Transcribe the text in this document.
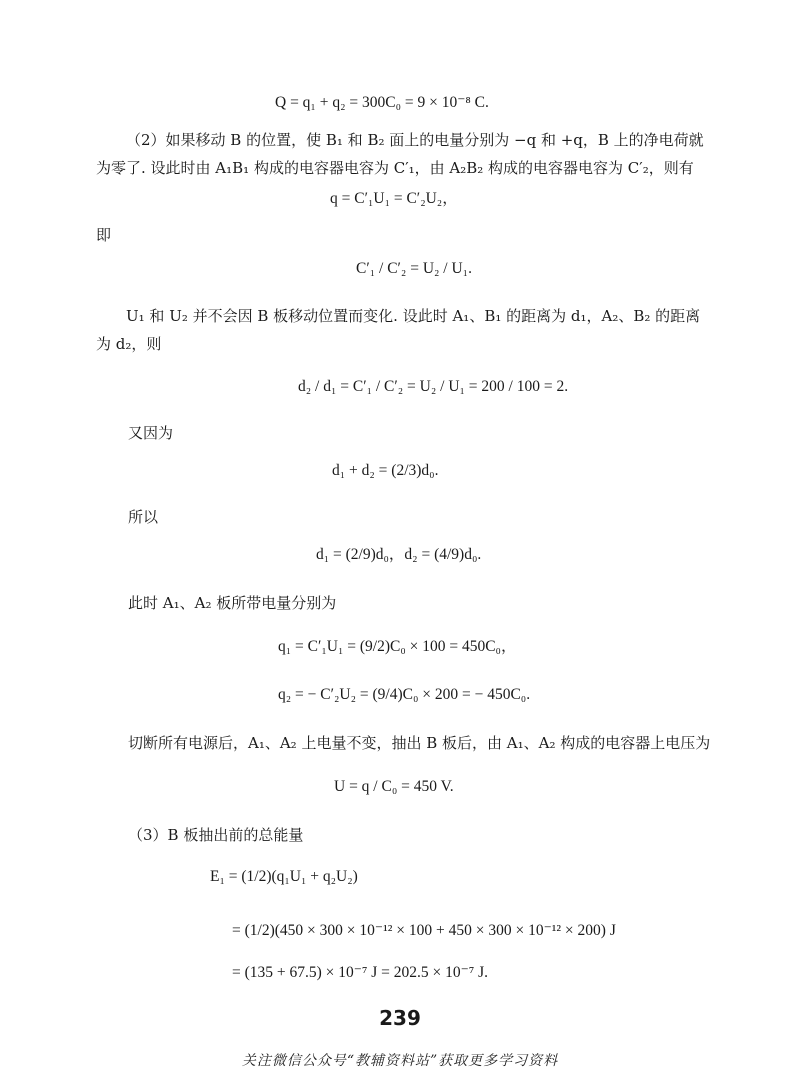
Q = q₁ + q₂ = 300C₀ = 9 × 10⁻⁸ C.
（2）如果移动 B 的位置，使 B₁ 和 B₂ 面上的电量分别为 −q 和 +q，B 上的净电荷就为零了. 设此时由 A₁B₁ 构成的电容器电容为 C′₁，由 A₂B₂ 构成的电容器电容为 C′₂，则有
q = C′₁U₁ = C′₂U₂，
即
C′₁ / C′₂ = U₂ / U₁.
U₁ 和 U₂ 并不会因 B 板移动位置而变化. 设此时 A₁、B₁ 的距离为 d₁，A₂、B₂ 的距离为 d₂，则
d₂ / d₁ = C′₁ / C′₂ = U₂ / U₁ = 200 / 100 = 2.
又因为
d₁ + d₂ = (2/3)d₀.
所以
d₁ = (2/9)d₀，d₂ = (4/9)d₀.
此时 A₁、A₂ 板所带电量分别为
q₁ = C′₁U₁ = (9/2)C₀ × 100 = 450C₀，
q₂ = − C′₂U₂ = (9/4)C₀ × 200 = − 450C₀.
切断所有电源后，A₁、A₂ 上电量不变，抽出 B 板后，由 A₁、A₂ 构成的电容器上电压为
U = q / C₀ = 450 V.
（3）B 板抽出前的总能量
E₁ = (1/2)(q₁U₁ + q₂U₂)
= (1/2)(450 × 300 × 10⁻¹² × 100 + 450 × 300 × 10⁻¹² × 200) J
= (135 + 67.5) × 10⁻⁷ J = 202.5 × 10⁻⁷ J.
239
关注微信公众号“教辅资料站”获取更多学习资料
